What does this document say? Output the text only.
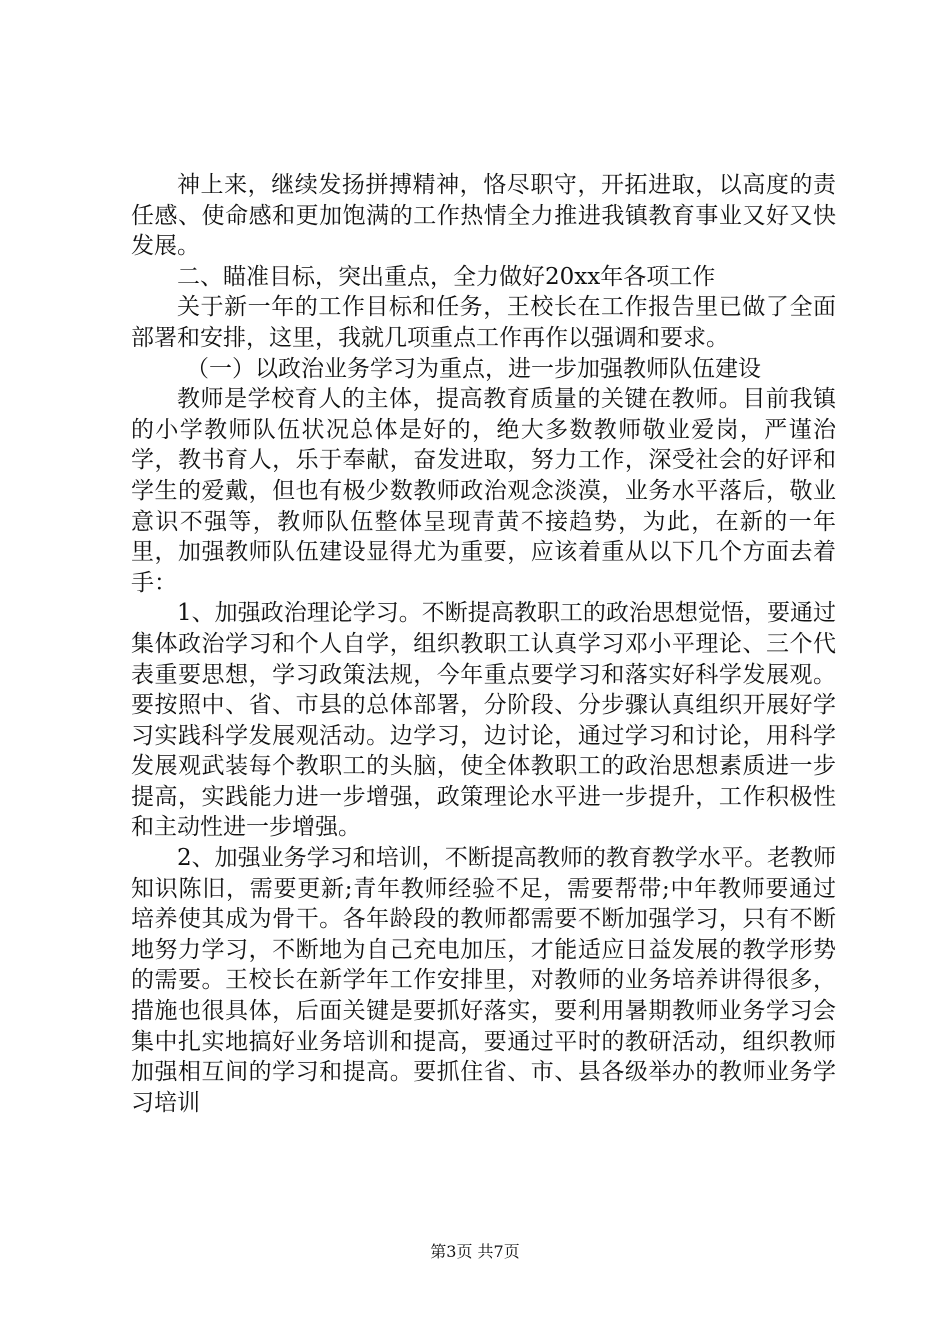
神上来，继续发扬拼搏精神，恪尽职守，开拓进取，以高度的责任感、使命感和更加饱满的工作热情全力推进我镇教育事业又好又快发展。

二、瞄准目标，突出重点，全力做好20xx年各项工作

关于新一年的工作目标和任务，王校长在工作报告里已做了全面部署和安排，这里，我就几项重点工作再作以强调和要求。

（一）以政治业务学习为重点，进一步加强教师队伍建设

教师是学校育人的主体，提高教育质量的关键在教师。目前我镇的小学教师队伍状况总体是好的，绝大多数教师敬业爱岗，严谨治学，教书育人，乐于奉献，奋发进取，努力工作，深受社会的好评和学生的爱戴，但也有极少数教师政治观念淡漠，业务水平落后，敬业意识不强等，教师队伍整体呈现青黄不接趋势，为此，在新的一年里，加强教师队伍建设显得尤为重要，应该着重从以下几个方面去着手：

1、加强政治理论学习。不断提高教职工的政治思想觉悟，要通过集体政治学习和个人自学，组织教职工认真学习邓小平理论、三个代表重要思想，学习政策法规，今年重点要学习和落实好科学发展观。要按照中、省、市县的总体部署，分阶段、分步骤认真组织开展好学习实践科学发展观活动。边学习，边讨论，通过学习和讨论，用科学发展观武装每个教职工的头脑，使全体教职工的政治思想素质进一步提高，实践能力进一步增强，政策理论水平进一步提升，工作积极性和主动性进一步增强。

2、加强业务学习和培训，不断提高教师的教育教学水平。老教师知识陈旧，需要更新;青年教师经验不足，需要帮带;中年教师要通过培养使其成为骨干。各年龄段的教师都需要不断加强学习，只有不断地努力学习，不断地为自己充电加压，才能适应日益发展的教学形势的需要。王校长在新学年工作安排里，对教师的业务培养讲得很多，措施也很具体，后面关键是要抓好落实，要利用暑期教师业务学习会集中扎实地搞好业务培训和提高，要通过平时的教研活动，组织教师加强相互间的学习和提高。要抓住省、市、县各级举办的教师业务学习培训

第3页 共7页
